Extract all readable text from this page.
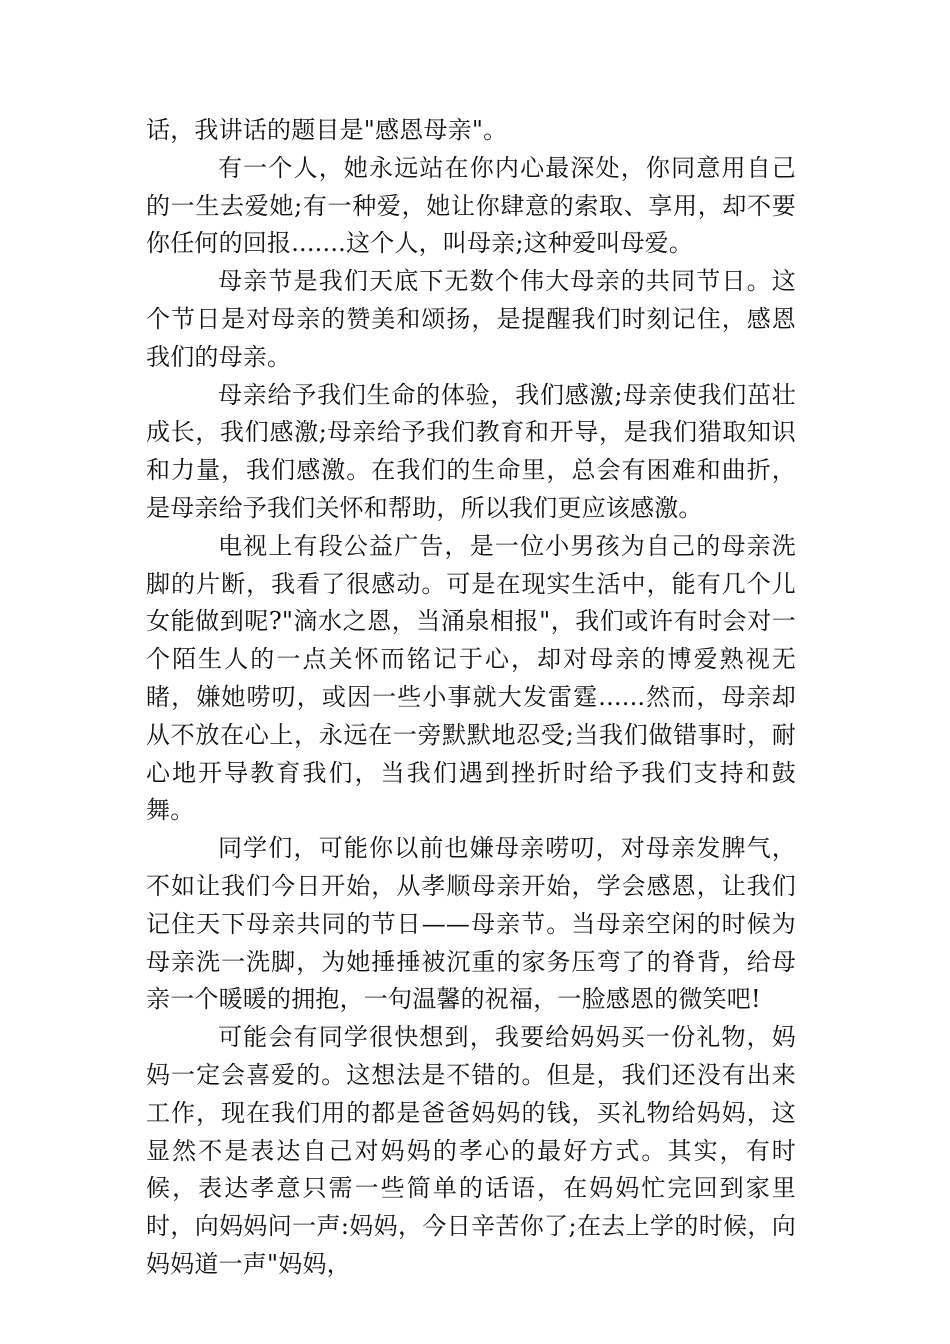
话，我讲话的题目是"感恩母亲"。

有一个人，她永远站在你内心最深处，你同意用自己的一生去爱她;有一种爱，她让你肆意的索取、享用，却不要你任何的回报.......这个人，叫母亲;这种爱叫母爱。

母亲节是我们天底下无数个伟大母亲的共同节日。这个节日是对母亲的赞美和颂扬，是提醒我们时刻记住，感恩我们的母亲。

母亲给予我们生命的体验，我们感激;母亲使我们茁壮成长，我们感激;母亲给予我们教育和开导，是我们猎取知识和力量，我们感激。在我们的生命里，总会有困难和曲折，是母亲给予我们关怀和帮助，所以我们更应该感激。

电视上有段公益广告，是一位小男孩为自己的母亲洗脚的片断，我看了很感动。可是在现实生活中，能有几个儿女能做到呢?"滴水之恩，当涌泉相报"，我们或许有时会对一个陌生人的一点关怀而铭记于心，却对母亲的博爱熟视无睹，嫌她唠叨，或因一些小事就大发雷霆......然而，母亲却从不放在心上，永远在一旁默默地忍受;当我们做错事时，耐心地开导教育我们，当我们遇到挫折时给予我们支持和鼓舞。

同学们，可能你以前也嫌母亲唠叨，对母亲发脾气，不如让我们今日开始，从孝顺母亲开始，学会感恩，让我们记住天下母亲共同的节日——母亲节。当母亲空闲的时候为母亲洗一洗脚，为她捶捶被沉重的家务压弯了的脊背，给母亲一个暖暖的拥抱，一句温馨的祝福，一脸感恩的微笑吧!

可能会有同学很快想到，我要给妈妈买一份礼物，妈妈一定会喜爱的。这想法是不错的。但是，我们还没有出来工作，现在我们用的都是爸爸妈妈的钱，买礼物给妈妈，这显然不是表达自己对妈妈的孝心的最好方式。其实，有时候，表达孝意只需一些简单的话语，在妈妈忙完回到家里时，向妈妈问一声:妈妈，今日辛苦你了;在去上学的时候，向妈妈道一声"妈妈，
